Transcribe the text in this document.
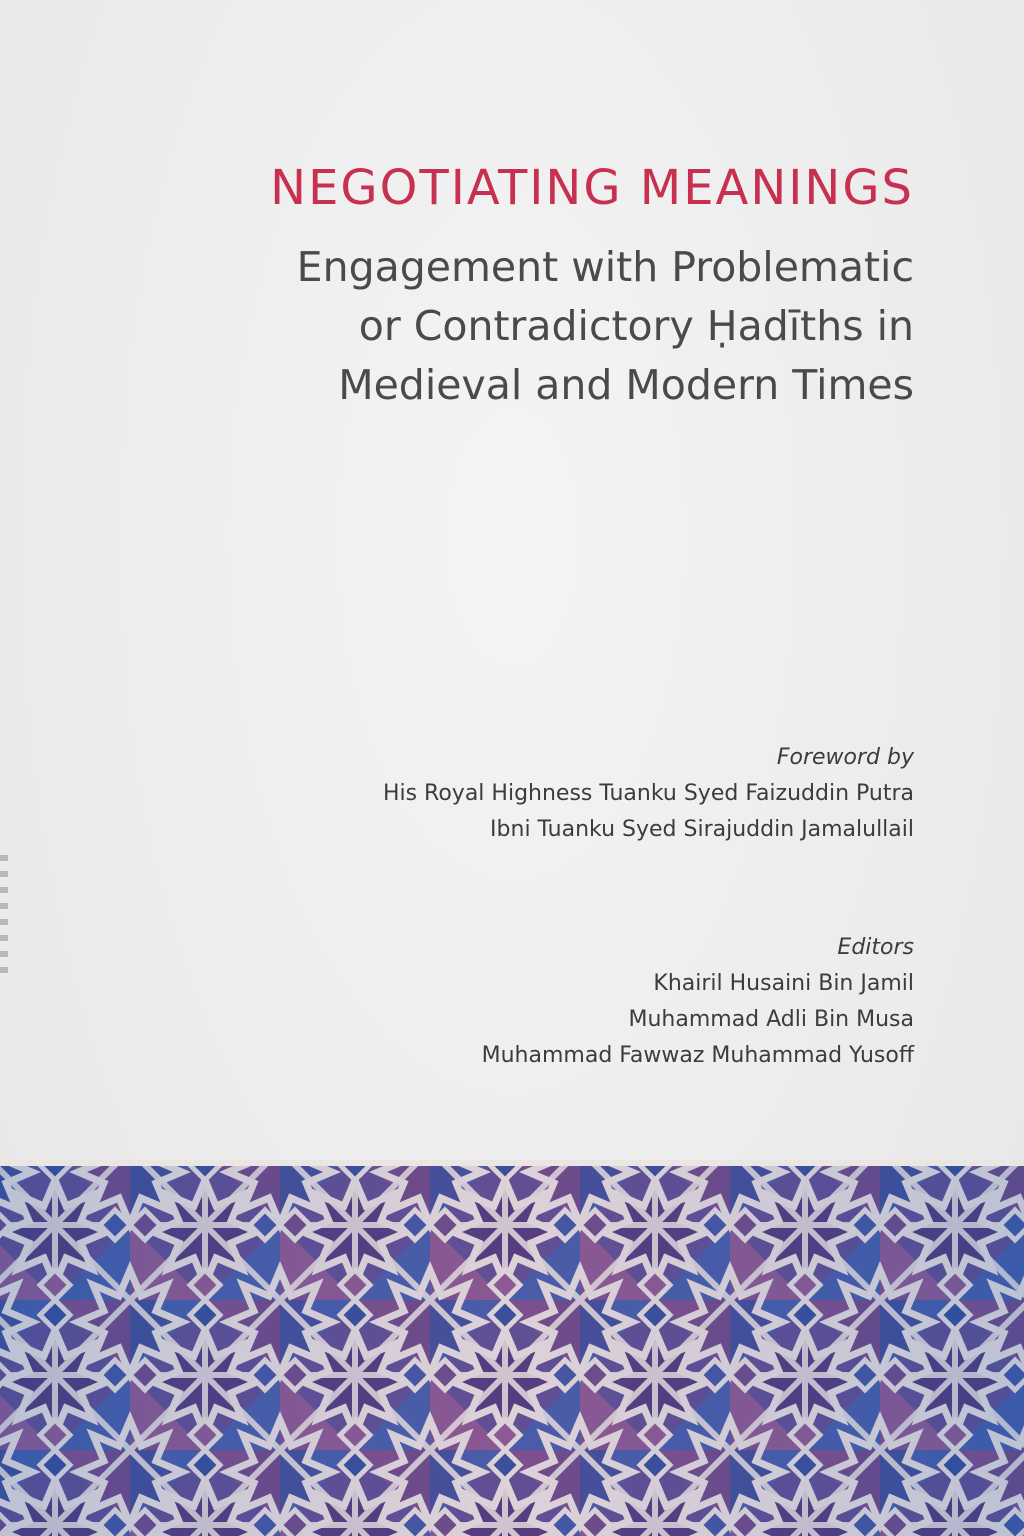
NEGOTIATING MEANINGS
Engagement with Problematic
or Contradictory Ḥadīths in
Medieval and Modern Times
Foreword by
His Royal Highness Tuanku Syed Faizuddin Putra
Ibni Tuanku Syed Sirajuddin Jamalullail
Editors
Khairil Husaini Bin Jamil
Muhammad Adli Bin Musa
Muhammad Fawwaz Muhammad Yusoff
